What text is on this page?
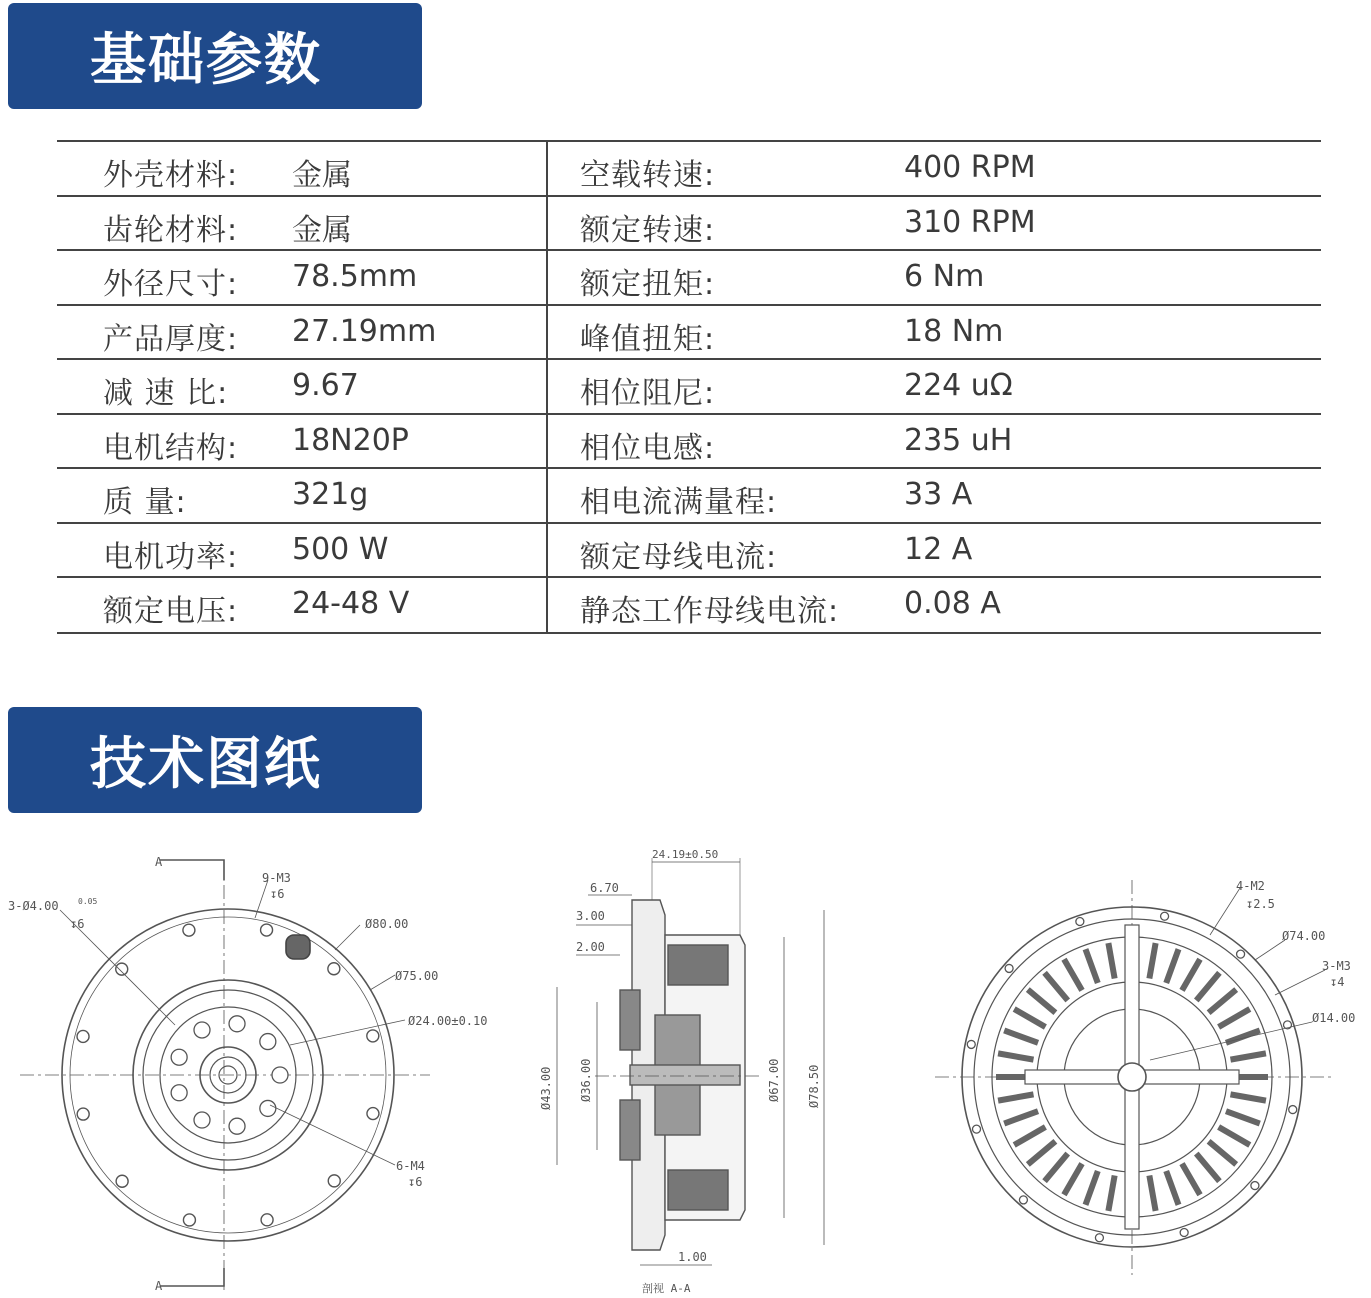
基础参数
外壳材料: 金属	空载转速:	400 RPM
齿轮材料: 金属	额定转速:	310 RPM
外径尺寸: 78.5mm	额定扭矩:	6 Nm
产品厚度: 27.19mm	峰值扭矩:	18 Nm
减 速 比: 9.67	相位阻尼:	224 uΩ
电机结构: 18N20P	相位电感:	235 uH
质 量:	321g	相电流满量程:	33 A
电机功率: 500 W	额定母线电流:	12 A
额定电压: 24-48 V	静态工作母线电流: 0.08 A
技术图纸
A
A
3-Ø4.00 0.05
↧6
9-M3
↧6
Ø80.00
Ø75.00
Ø24.00±0.10
6-M4
↧6
24.19±0.50
6.70
3.00
2.00
Ø43.00 Ø36.00	Ø67.00 Ø78.50
1.00
剖视 A-A
4-M2
↧2.5
Ø74.00
3-M3
↧4
Ø14.00
